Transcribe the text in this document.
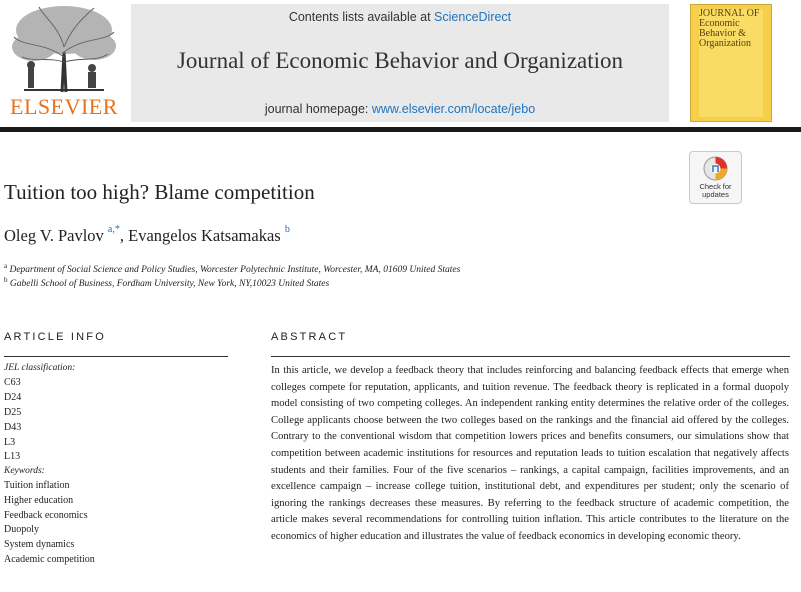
ELSEVIER
Contents lists available at ScienceDirect
Journal of Economic Behavior and Organization
journal homepage: www.elsevier.com/locate/jebo
JOURNAL OF Economic Behavior & Organization
Check for updates
Tuition too high? Blame competition
Oleg V. Pavlov $^{a,*}$, Evangelos Katsamakas $^b$
$^a$ Department of Social Science and Policy Studies, Worcester Polytechnic Institute, Worcester, MA, 01609 United States
$^b$ Gabelli School of Business, Fordham University, New York, NY,10023 United States
ARTICLE INFO
JEL classification:
C63
D24
D25
D43
L3
L13
Keywords:
Tuition inflation
Higher education
Feedback economics
Duopoly
System dynamics
Academic competition
ABSTRACT
In this article, we develop a feedback theory that includes reinforcing and balancing feedback effects that emerge when colleges compete for reputation, applicants, and tuition revenue. The feedback theory is replicated in a formal duopoly model consisting of two competing colleges. An independent ranking entity determines the relative order of the colleges. College applicants choose between the two colleges based on the rankings and the financial aid offered by the colleges. Contrary to the conventional wisdom that competition lowers prices and benefits consumers, our simulations show that competition between academic institutions for resources and reputation leads to tuition escalation that negatively affects students and their families. Four of the five scenarios – rankings, a capital campaign, facilities improvements, and an excellence campaign – increase college tuition, institutional debt, and expenditures per student; only the scenario of ignoring the rankings decreases these measures. By referring to the feedback structure of academic competition, the article makes several recommendations for controlling tuition inflation. This article contributes to the literature on the economics of higher education and illustrates the value of feedback economics in developing economic theory.
